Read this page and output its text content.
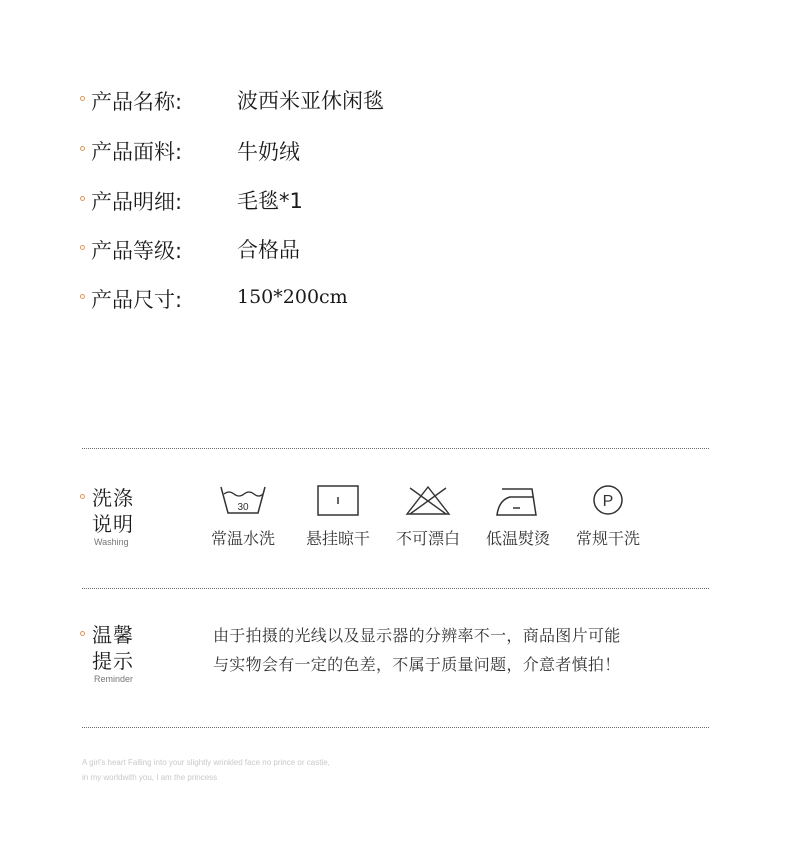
产品名称:	波西米亚休闲毯
产品面料:	牛奶绒
产品明细:	毛毯*1
产品等级:	合格品
产品尺寸:	150*200cm
洗涤
说明
Washing
30
常温水洗	悬挂晾干	不可漂白	低温熨烫
P
常规干洗
温馨
提示
Reminder
由于拍摄的光线以及显示器的分辨率不一，商品图片可能
与实物会有一定的色差，不属于质量问题，介意者慎拍！
A girl's heart Falling into your slightly wrinkled face no prince or castle,
in my worldwith you, I am the princess
